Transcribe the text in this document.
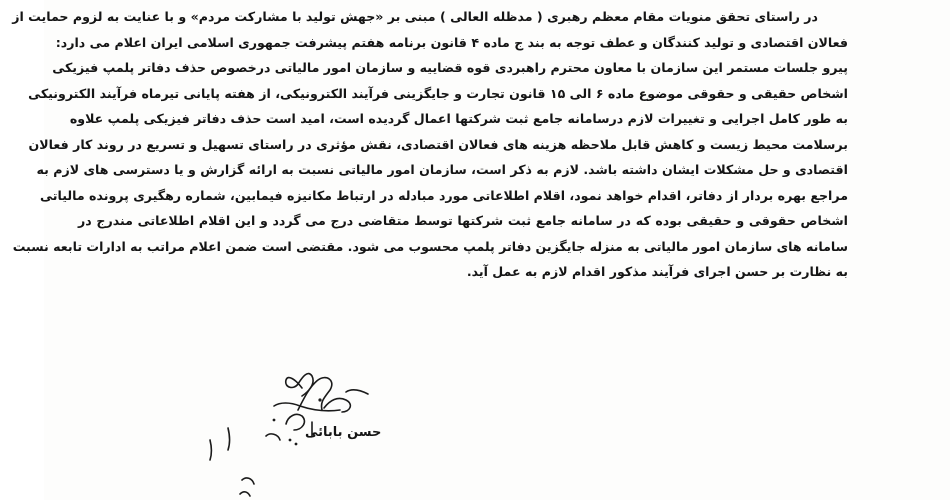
در راستای تحقق منویات مقام معظم رهبری ( مدظله العالی ) مبنی بر «جهش تولید با مشارکت مردم» و با عنایت به لزوم حمایت از
فعالان اقتصادی و تولید کنندگان و عطف توجه به بند ج ماده ۴ قانون برنامه هفتم پیشرفت جمهوری اسلامی ایران اعلام می دارد:
پیرو جلسات مستمر این سازمان با معاون محترم راهبردی قوه قضاییه و سازمان امور مالیاتی درخصوص حذف دفاتر پلمپ فیزیکی
اشخاص حقیقی و حقوقی موضوع ماده ۶ الی ۱۵ قانون تجارت و جایگزینی فرآیند الکترونیکی، از هفته پایانی تیرماه فرآیند الکترونیکی
به طور کامل اجرایی و تغییرات لازم درسامانه جامع ثبت شرکتها اعمال گردیده است، امید است حذف دفاتر فیزیکی پلمپ علاوه
برسلامت محیط زیست و کاهش قابل ملاحظه هزینه های فعالان اقتصادی، نقش مؤثری در راستای تسهیل و تسریع در روند کار فعالان
اقتصادی و حل مشکلات ایشان داشته باشد. لازم به ذکر است، سازمان امور مالیاتی نسبت به ارائه گزارش و یا دسترسی های لازم به
مراجع بهره بردار از دفاتر، اقدام خواهد نمود، اقلام اطلاعاتی مورد مبادله در ارتباط مکانیزه فیمابین، شماره رهگیری پرونده مالیاتی
اشخاص حقوقی و حقیقی بوده که در سامانه جامع ثبت شرکتها توسط متقاضی درج می گردد و این اقلام اطلاعاتی مندرج در
سامانه های سازمان امور مالیاتی به منزله جایگزین دفاتر پلمپ محسوب می شود. مقتضی است ضمن اعلام مراتب به ادارات تابعه نسبت
به نظارت بر حسن اجرای فرآیند مذکور اقدام لازم به عمل آید.
حسن بابائی
